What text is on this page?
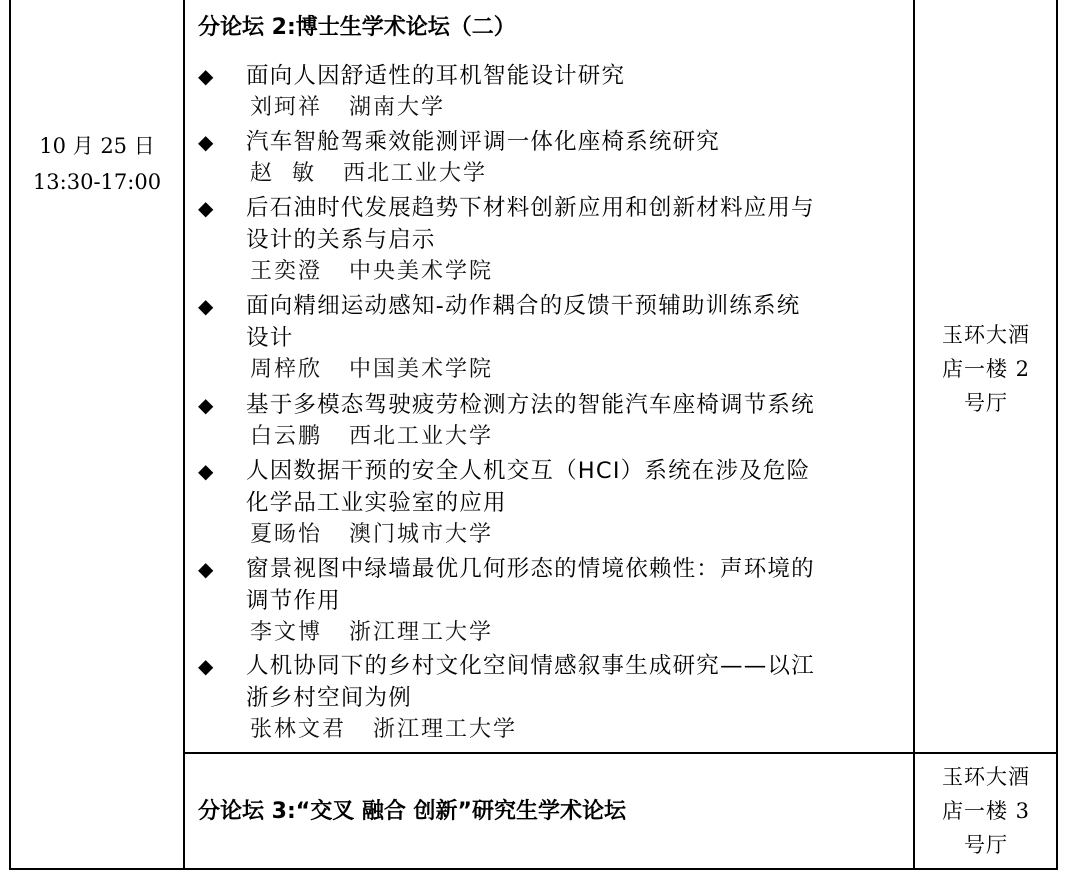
10 月 25 日
13:30-17:00
分论坛 2:博士生学术论坛（二）
◆ 面向人因舒适性的耳机智能设计研究
刘珂祥   湖南大学
◆ 汽车智舱驾乘效能测评调一体化座椅系统研究
赵  敏   西北工业大学
◆ 后石油时代发展趋势下材料创新应用和创新材料应用与
设计的关系与启示
王奕澄   中央美术学院
◆ 面向精细运动感知-动作耦合的反馈干预辅助训练系统
设计
周梓欣   中国美术学院
◆ 基于多模态驾驶疲劳检测方法的智能汽车座椅调节系统
白云鹏   西北工业大学
◆ 人因数据干预的安全人机交互（HCI）系统在涉及危险
化学品工业实验室的应用
夏旸怡   澳门城市大学
◆ 窗景视图中绿墙最优几何形态的情境依赖性：声环境的
调节作用
李文博   浙江理工大学
◆ 人机协同下的乡村文化空间情感叙事生成研究——以江
浙乡村空间为例
张林文君   浙江理工大学
玉环大酒
店一楼 2
号厅
分论坛 3:“交叉 融合 创新”研究生学术论坛
玉环大酒
店一楼 3
号厅
